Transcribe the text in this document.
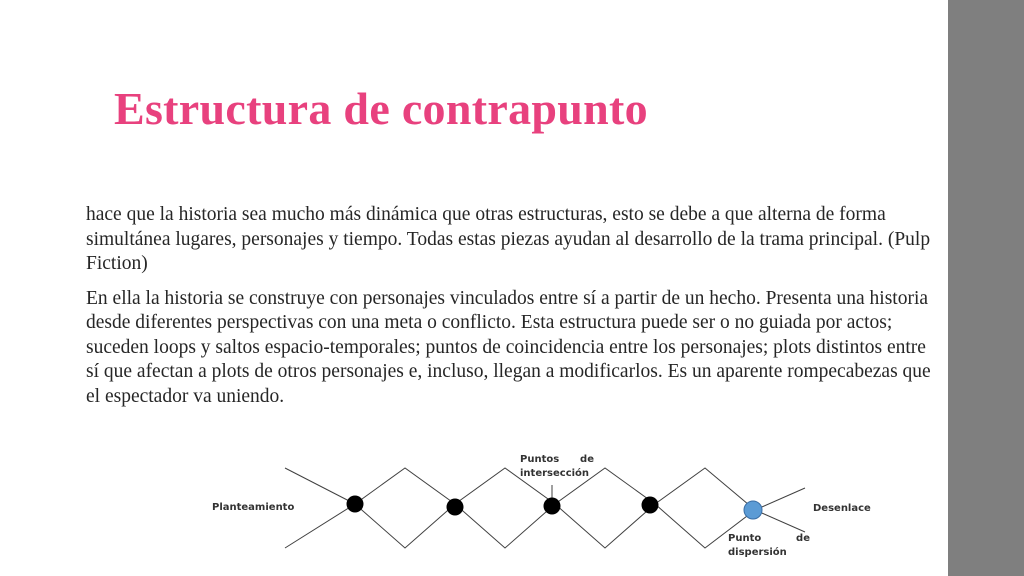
Estructura de contrapunto

hace que la historia sea mucho más dinámica que otras estructuras, esto se debe a que alterna de forma simultánea lugares, personajes y tiempo. Todas estas piezas ayudan al desarrollo de la trama principal. (Pulp Fiction)

En ella la historia se construye con personajes vinculados entre sí a partir de un hecho. Presenta una historia desde diferentes perspectivas con una meta o conflicto. Esta estructura puede ser o no guiada por actos; suceden loops y saltos espacio-temporales; puntos de coincidencia entre los personajes; plots distintos entre sí que afectan a plots de otros personajes e, incluso, llegan a modificarlos. Es un aparente rompecabezas que el espectador va uniendo.

Planteamiento	Desenlace
Puntos      de
intersección
Punto          de
dispersión
